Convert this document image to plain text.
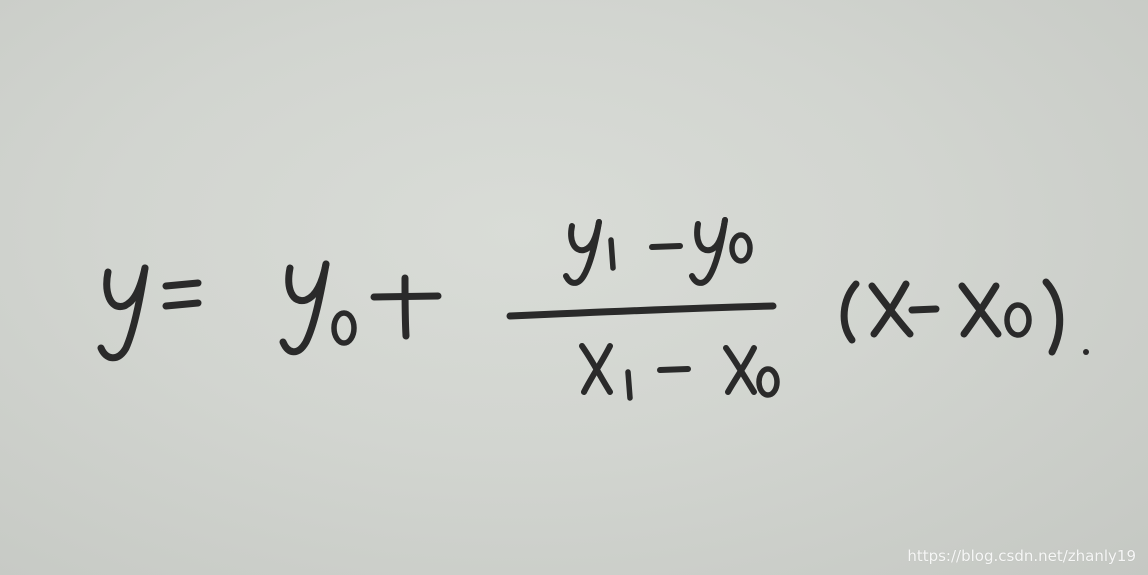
https://blog.csdn.net/zhanly19
